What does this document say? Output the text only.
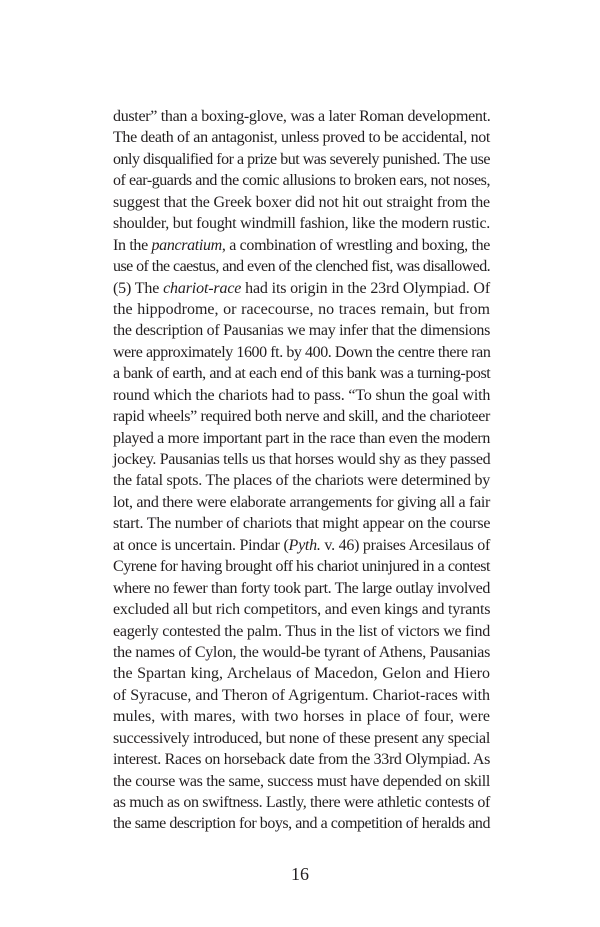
duster” than a boxing-glove, was a later Roman development.
The death of an antagonist, unless proved to be accidental, not
only disqualified for a prize but was severely punished. The use
of ear-guards and the comic allusions to broken ears, not noses,
suggest that the Greek boxer did not hit out straight from the
shoulder, but fought windmill fashion, like the modern rustic.
In the pancratium, a combination of wrestling and boxing, the
use of the caestus, and even of the clenched fist, was disallowed.
(5) The chariot-race had its origin in the 23rd Olympiad. Of
the hippodrome, or racecourse, no traces remain, but from
the description of Pausanias we may infer that the dimensions
were approximately 1600 ft. by 400. Down the centre there ran
a bank of earth, and at each end of this bank was a turning-post
round which the chariots had to pass. “To shun the goal with
rapid wheels” required both nerve and skill, and the charioteer
played a more important part in the race than even the modern
jockey. Pausanias tells us that horses would shy as they passed
the fatal spots. The places of the chariots were determined by
lot, and there were elaborate arrangements for giving all a fair
start. The number of chariots that might appear on the course
at once is uncertain. Pindar (Pyth. v. 46) praises Arcesilaus of
Cyrene for having brought off his chariot uninjured in a contest
where no fewer than forty took part. The large outlay involved
excluded all but rich competitors, and even kings and tyrants
eagerly contested the palm. Thus in the list of victors we find
the names of Cylon, the would-be tyrant of Athens, Pausanias
the Spartan king, Archelaus of Macedon, Gelon and Hiero
of Syracuse, and Theron of Agrigentum. Chariot-races with
mules, with mares, with two horses in place of four, were
successively introduced, but none of these present any special
interest. Races on horseback date from the 33rd Olympiad. As
the course was the same, success must have depended on skill
as much as on swiftness. Lastly, there were athletic contests of
the same description for boys, and a competition of heralds and
16
